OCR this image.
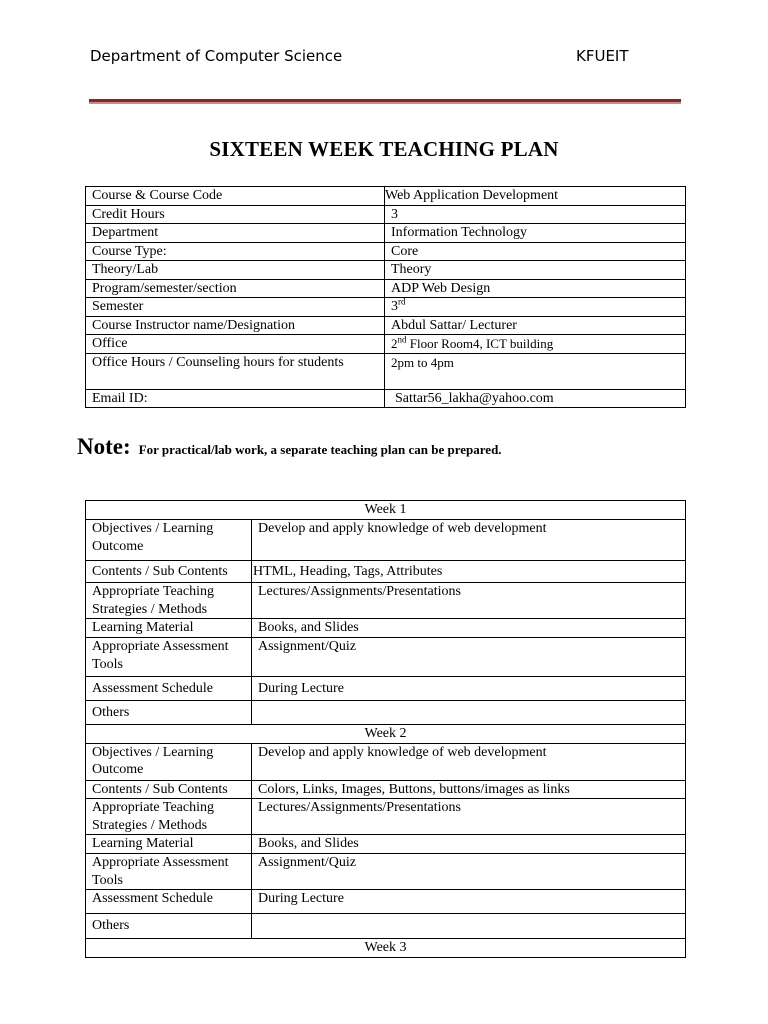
Department of Computer Science	KFUEIT
SIXTEEN WEEK TEACHING PLAN
Course & Course Code	Web Application Development
Credit Hours	3
Department	Information Technology
Course Type:	Core
Theory/Lab	Theory
Program/semester/section	ADP Web Design
Semester	3rd
Course Instructor name/Designation	Abdul Sattar/ Lecturer
Office	2nd Floor Room4, ICT building
Office Hours / Counseling hours for students	2pm to 4pm
Email ID:	Sattar56_lakha@yahoo.com
Note: For practical/lab work, a separate teaching plan can be prepared.
Week 1	
Objectives / Learning Outcome	Develop and apply knowledge of web development
Contents / Sub Contents	HTML, Heading, Tags, Attributes
Appropriate Teaching Strategies / Methods	Lectures/Assignments/Presentations
Learning Material	Books, and Slides
Appropriate Assessment Tools	Assignment/Quiz
Assessment Schedule	During Lecture
Others	
Week 2	
Objectives / Learning Outcome	Develop and apply knowledge of web development
Contents / Sub Contents	Colors, Links, Images, Buttons, buttons/images as links
Appropriate Teaching Strategies / Methods	Lectures/Assignments/Presentations
Learning Material	Books, and Slides
Appropriate Assessment Tools	Assignment/Quiz
Assessment Schedule	During Lecture
Others	
Week 3	
